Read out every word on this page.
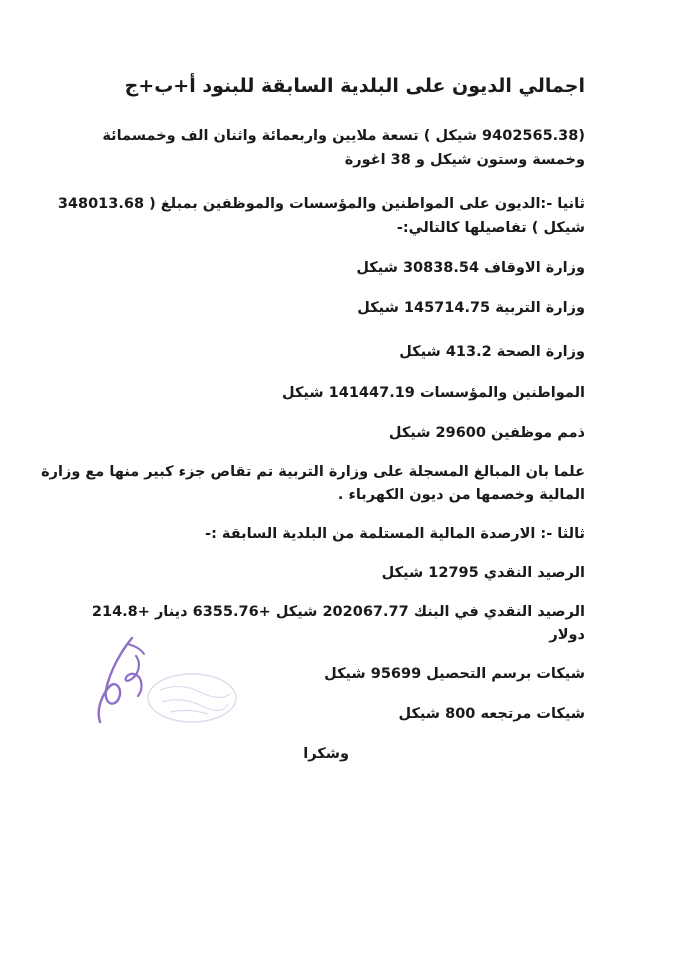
اجمالي الديون على البلدية السابقة للبنود أ+ب+ج
(9402565.38 شيكل ) تسعة ملايين واربعمائة واثنان الف وخمسمائة
وخمسة وستون شيكل و 38 اغورة
ثانيا -:الديون على المواطنين والمؤسسات والموظفين بمبلغ ( 348013.68
شيكل ) تفاصيلها كالتالي:-
وزارة الاوقاف 30838.54 شيكل
وزارة التربية 145714.75 شيكل
وزارة الصحة 413.2 شيكل
المواطنين والمؤسسات 141447.19 شيكل
ذمم موظفين 29600 شيكل
علما بان المبالغ المسجلة على وزارة التربية تم تقاص جزء كبير منها مع وزارة
المالية وخصمها من ديون الكهرباء .
ثالثا -: الارصدة المالية المستلمة من البلدية السابقة :-
الرصيد النقدي 12795 شيكل
الرصيد النقدي في البنك 202067.77 شيكل +6355.76 دينار +214.8
دولار
شيكات برسم التحصيل 95699 شيكل
شيكات مرتجعه 800 شيكل
وشكرا
